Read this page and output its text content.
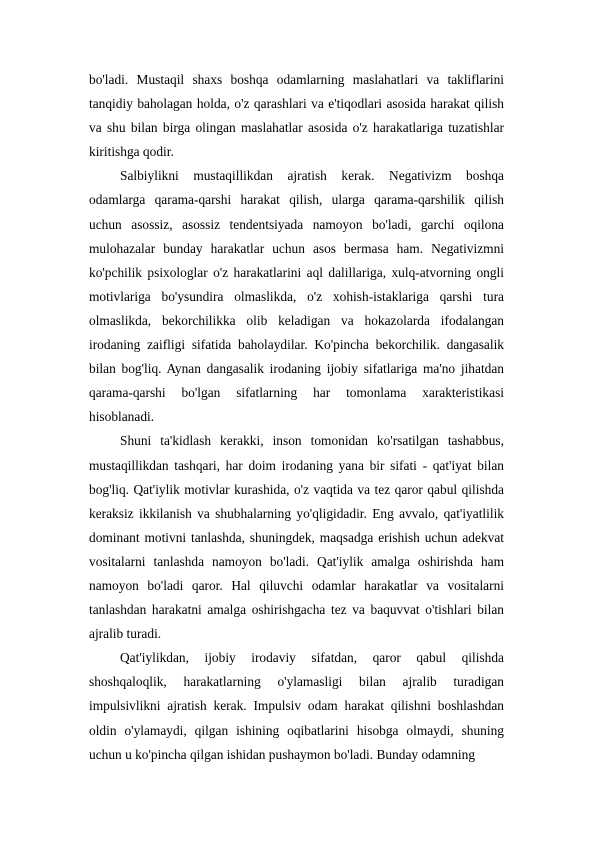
bo'ladi. Mustaqil shaxs boshqa odamlarning maslahatlari va takliflarini tanqidiy baholagan holda, o'z qarashlari va e'tiqodlari asosida harakat qilish va shu bilan birga olingan maslahatlar asosida o'z harakatlariga tuzatishlar kiritishga qodir.

Salbiylikni mustaqillikdan ajratish kerak. Negativizm boshqa odamlarga qarama-qarshi harakat qilish, ularga qarama-qarshilik qilish uchun asossiz, asossiz tendentsiyada namoyon bo'ladi, garchi oqilona mulohazalar bunday harakatlar uchun asos bermasa ham. Negativizmni ko'pchilik psixologlar o'z harakatlarini aql dalillariga, xulq-atvorning ongli motivlariga bo'ysundira olmaslikda, o'z xohish-istaklariga qarshi tura olmaslikda, bekorchilikka olib keladigan va hokazolarda ifodalangan irodaning zaifligi sifatida baholaydilar. Ko'pincha bekorchilik. dangasalik bilan bog'liq. Aynan dangasalik irodaning ijobiy sifatlariga ma'no jihatdan qarama-qarshi bo'lgan sifatlarning har tomonlama xarakteristikasi hisoblanadi.

Shuni ta'kidlash kerakki, inson tomonidan ko'rsatilgan tashabbus, mustaqillikdan tashqari, har doim irodaning yana bir sifati - qat'iyat bilan bog'liq. Qat'iylik motivlar kurashida, o'z vaqtida va tez qaror qabul qilishda keraksiz ikkilanish va shubhalarning yo'qligidadir. Eng avvalo, qat'iyatlilik dominant motivni tanlashda, shuningdek, maqsadga erishish uchun adekvat vositalarni tanlashda namoyon bo'ladi. Qat'iylik amalga oshirishda ham namoyon bo'ladi qaror. Hal qiluvchi odamlar harakatlar va vositalarni tanlashdan harakatni amalga oshirishgacha tez va baquvvat o'tishlari bilan ajralib turadi.

Qat'iylikdan, ijobiy irodaviy sifatdan, qaror qabul qilishda shoshqaloqlik, harakatlarning o'ylamasligi bilan ajralib turadigan impulsivlikni ajratish kerak. Impulsiv odam harakat qilishni boshlashdan oldin o'ylamaydi, qilgan ishining oqibatlarini hisobga olmaydi, shuning uchun u ko'pincha qilgan ishidan pushaymon bo'ladi. Bunday odamning
